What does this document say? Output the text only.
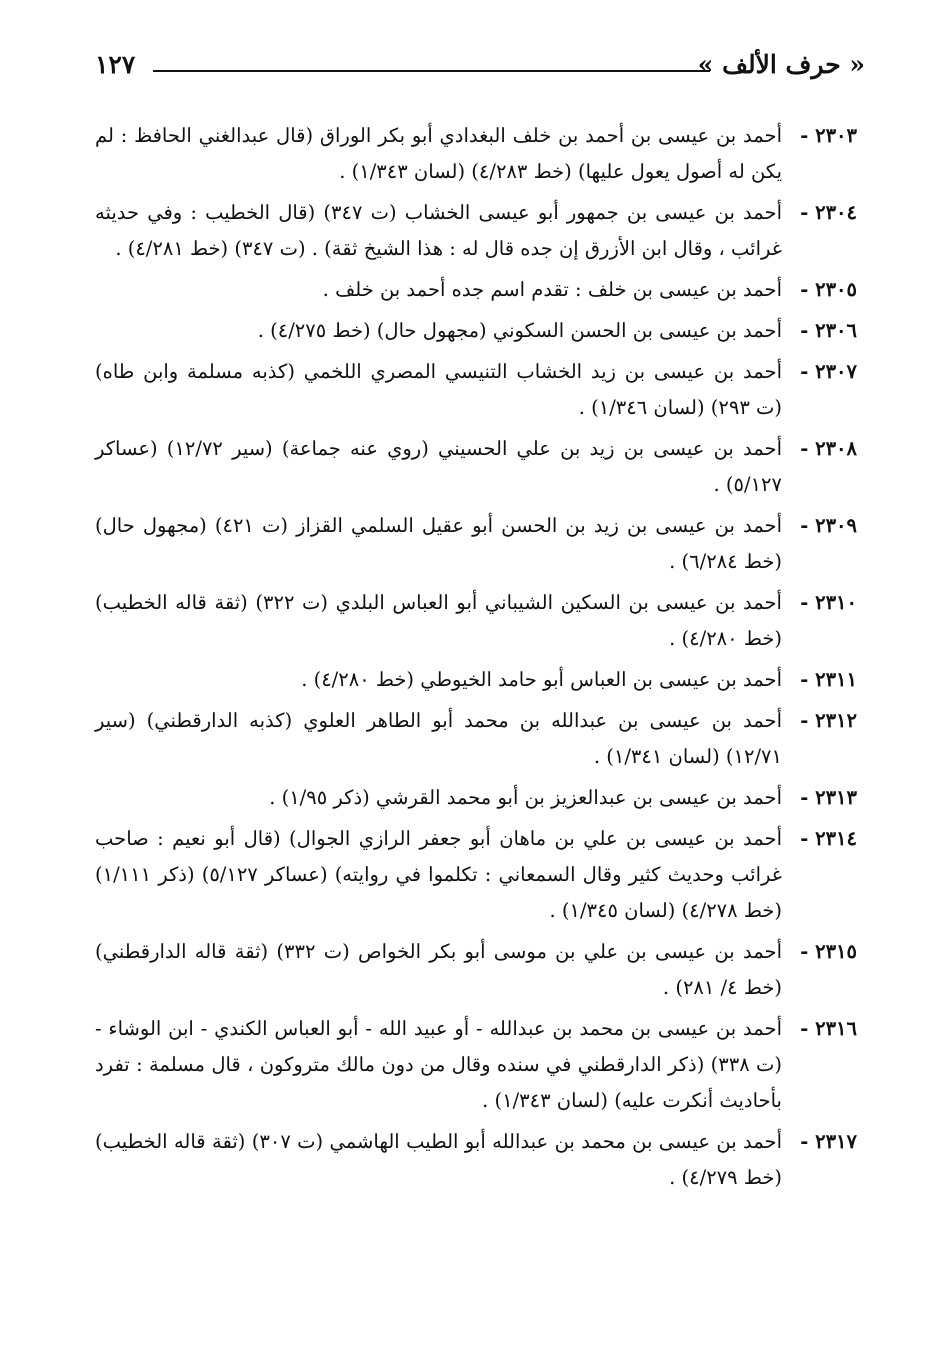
« حرف الألف »
١٢٧

٢٣٠٣ -
أحمد بن عيسى بن أحمد بن خلف البغدادي أبو بكر الوراق (قال عبدالغني الحافظ : لم يكن له أصول يعول عليها) (خط ٤/٢٨٣) (لسان ١/٣٤٣) .

٢٣٠٤ -
أحمد بن عيسى بن جمهور أبو عيسى الخشاب (ت ٣٤٧) (قال الخطيب : وفي حديثه غرائب ، وقال ابن الأزرق إن جده قال له : هذا الشيخ ثقة) . (ت ٣٤٧) (خط ٤/٢٨١) .

٢٣٠٥ -
أحمد بن عيسى بن خلف : تقدم اسم جده أحمد بن خلف .

٢٣٠٦ -
أحمد بن عيسى بن الحسن السكوني (مجهول حال) (خط ٤/٢٧٥) .

٢٣٠٧ -
أحمد بن عيسى بن زيد الخشاب التنيسي المصري اللخمي (كذبه مسلمة وابن طاه) (ت ٢٩٣) (لسان ١/٣٤٦) .

٢٣٠٨ -
أحمد بن عيسى بن زيد بن علي الحسيني (روي عنه جماعة) (سير ١٢/٧٢) (عساكر ٥/١٢٧) .

٢٣٠٩ -
أحمد بن عيسى بن زيد بن الحسن أبو عقيل السلمي القزاز (ت ٤٢١) (مجهول حال) (خط ٦/٢٨٤) .

٢٣١٠ -
أحمد بن عيسى بن السكين الشيباني أبو العباس البلدي (ت ٣٢٢) (ثقة قاله الخطيب) (خط ٤/٢٨٠) .

٢٣١١ -
أحمد بن عيسى بن العباس أبو حامد الخيوطي (خط ٤/٢٨٠) .

٢٣١٢ -
أحمد بن عيسى بن عبدالله بن محمد أبو الطاهر العلوي (كذبه الدارقطني) (سير ١٢/٧١) (لسان ١/٣٤١) .

٢٣١٣ -
أحمد بن عيسى بن عبدالعزيز بن أبو محمد القرشي (ذكر ١/٩٥) .

٢٣١٤ -
أحمد بن عيسى بن علي بن ماهان أبو جعفر الرازي الجوال) (قال أبو نعيم : صاحب غرائب وحديث كثير وقال السمعاني : تكلموا في روايته) (عساكر ٥/١٢٧) (ذكر ١/١١١) (خط ٤/٢٧٨) (لسان ١/٣٤٥) .

٢٣١٥ -
أحمد بن عيسى بن علي بن موسى أبو بكر الخواص (ت ٣٣٢) (ثقة قاله الدارقطني) (خط ٤/ ٢٨١) .

٢٣١٦ -
أحمد بن عيسى بن محمد بن عبدالله - أو عبيد الله - أبو العباس الكندي - ابن الوشاء - (ت ٣٣٨) (ذكر الدارقطني في سنده وقال من دون مالك متروكون ، قال مسلمة : تفرد بأحاديث أنكرت عليه) (لسان ١/٣٤٣) .

٢٣١٧ -
أحمد بن عيسى بن محمد بن عبدالله أبو الطيب الهاشمي (ت ٣٠٧) (ثقة قاله الخطيب) (خط ٤/٢٧٩) .
